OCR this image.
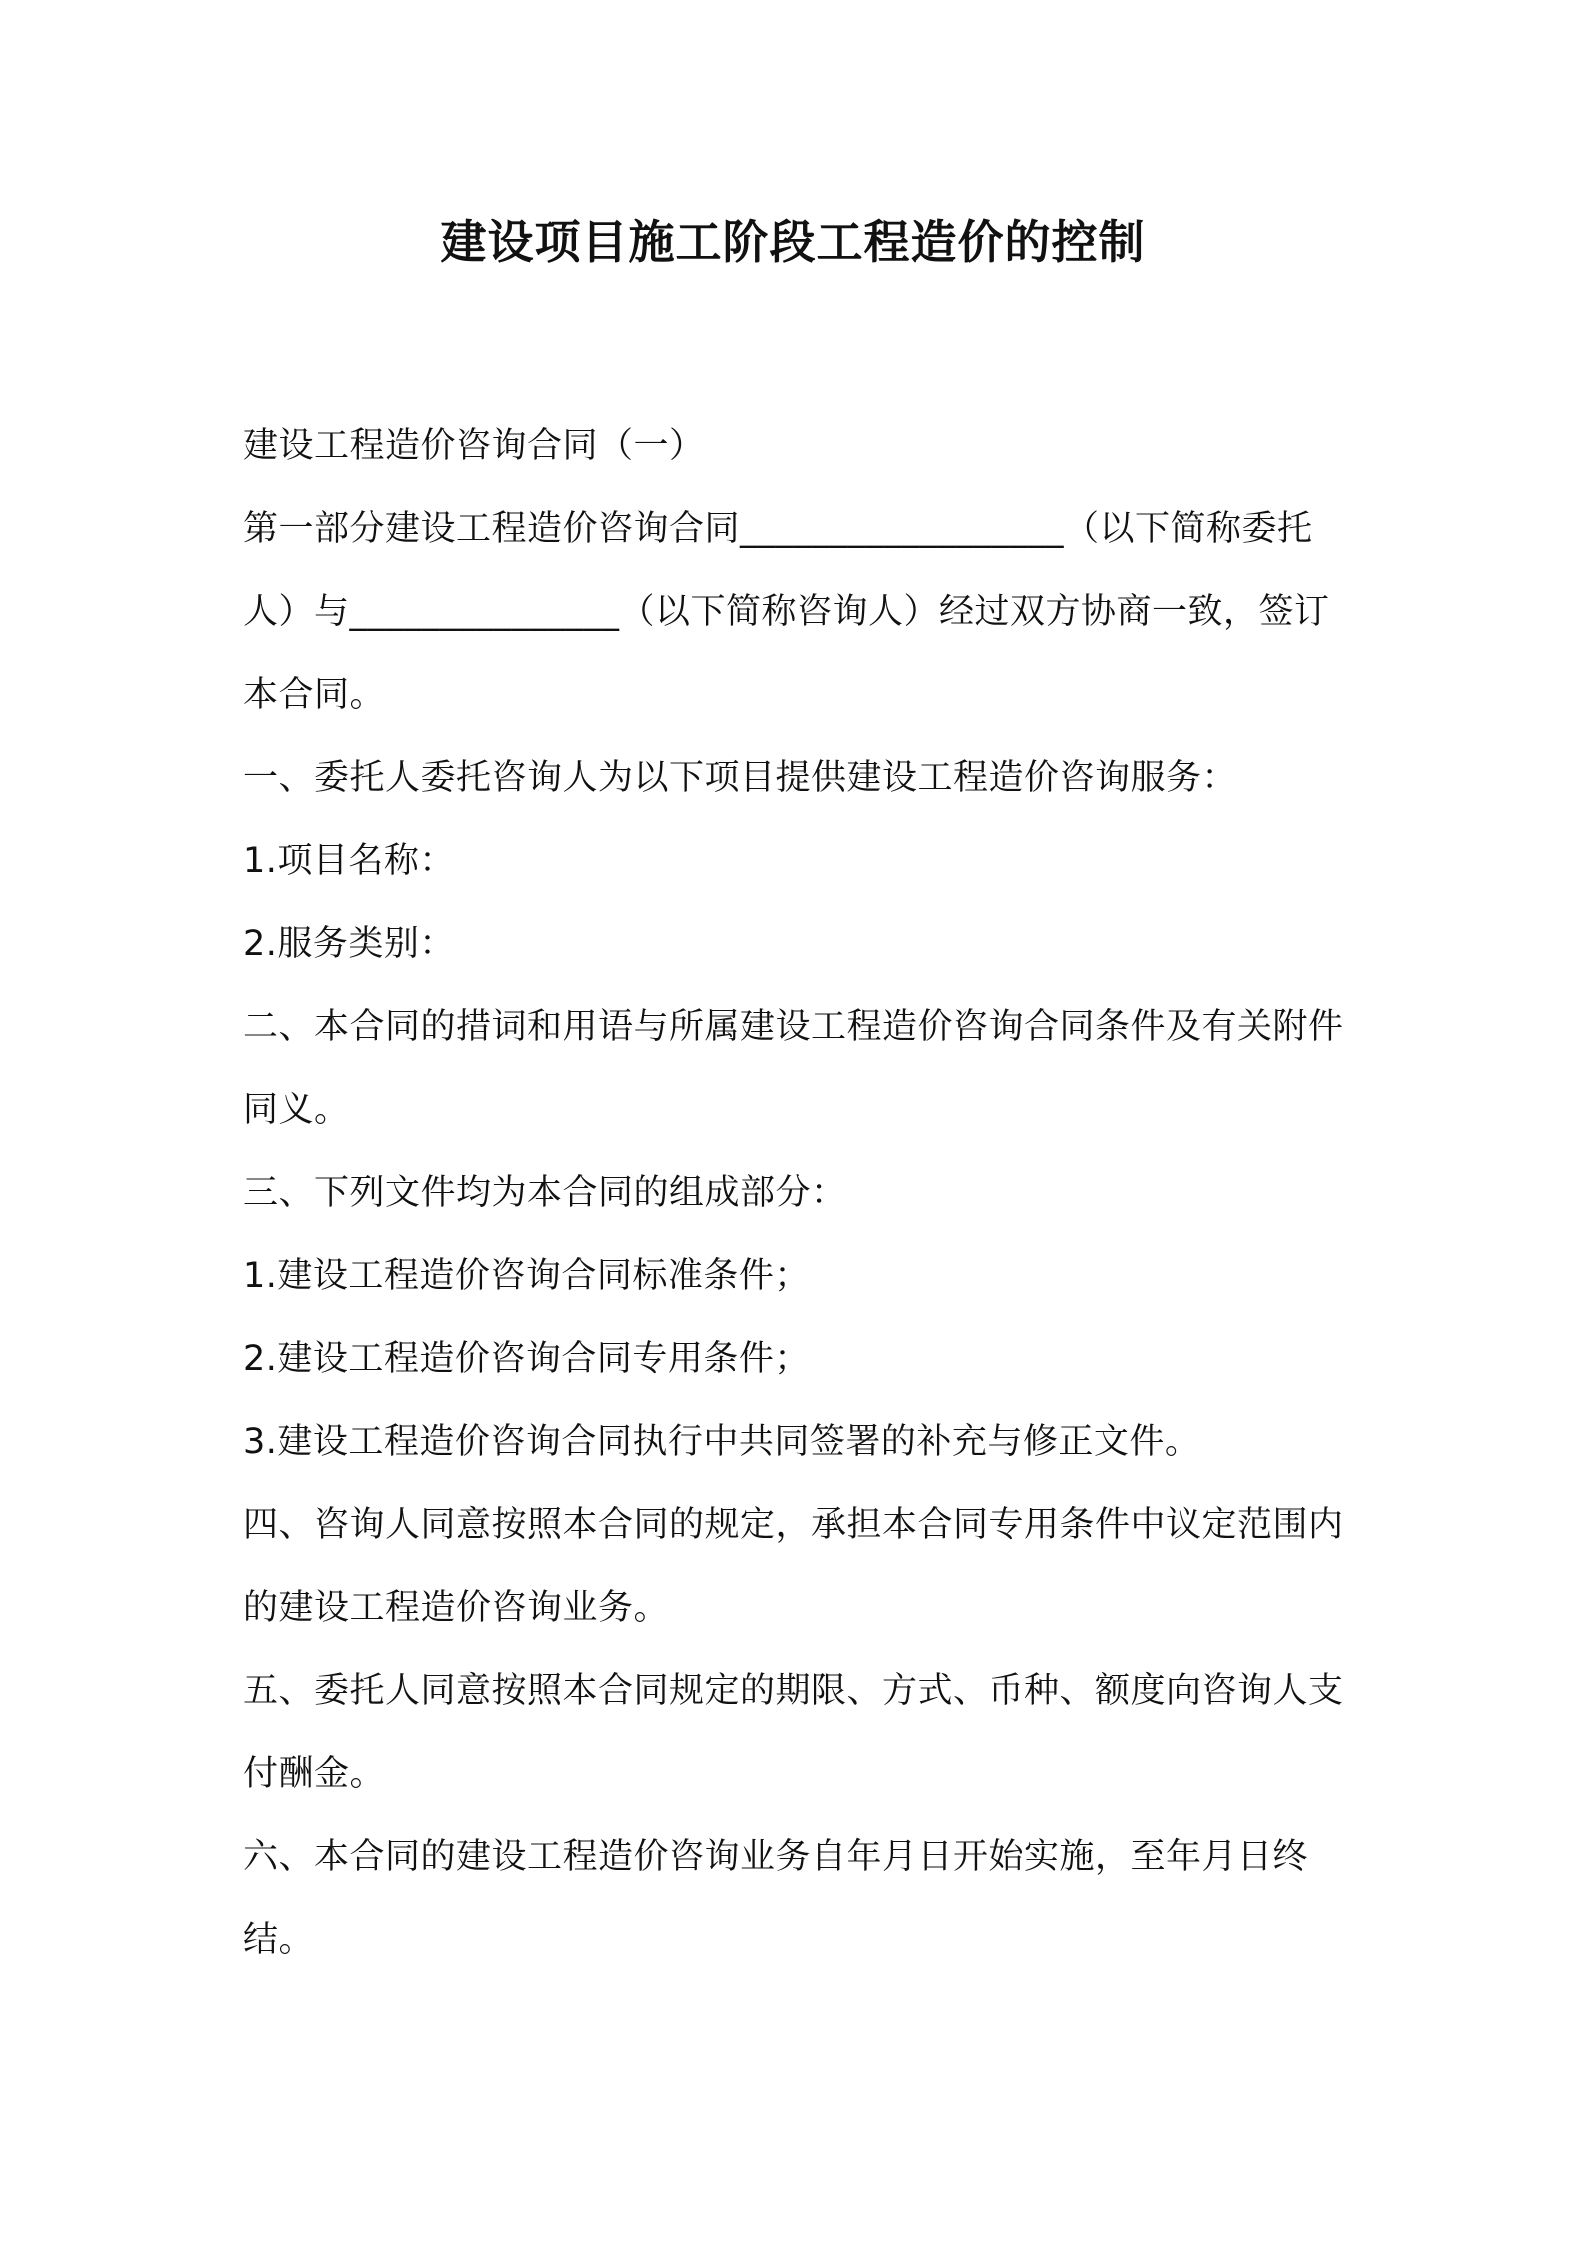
建设项目施工阶段工程造价的控制

建设工程造价咨询合同（一）

第一部分建设工程造价咨询合同__________________（以下简称委托人）与_______________（以下简称咨询人）经过双方协商一致，签订本合同。

一、委托人委托咨询人为以下项目提供建设工程造价咨询服务：

1.项目名称：

2.服务类别：

二、本合同的措词和用语与所属建设工程造价咨询合同条件及有关附件同义。

三、下列文件均为本合同的组成部分：

1.建设工程造价咨询合同标准条件；

2.建设工程造价咨询合同专用条件；

3.建设工程造价咨询合同执行中共同签署的补充与修正文件。

四、咨询人同意按照本合同的规定，承担本合同专用条件中议定范围内的建设工程造价咨询业务。

五、委托人同意按照本合同规定的期限、方式、币种、额度向咨询人支付酬金。

六、本合同的建设工程造价咨询业务自年月日开始实施，至年月日终结。
